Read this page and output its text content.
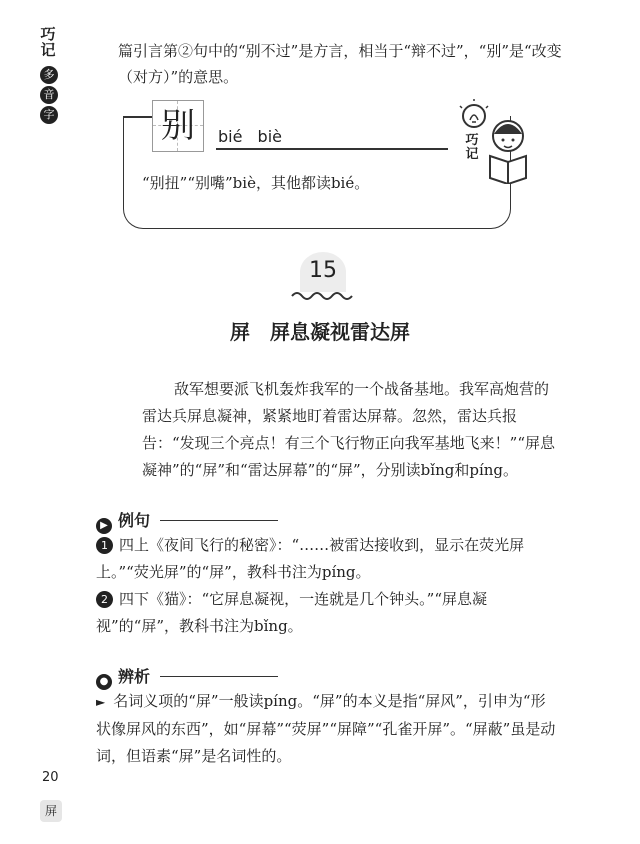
巧记
多
音
字
篇引言第②句中的“别不过”是方言，相当于“辩不过”，“别”是“改变（对方）”的意思。
别	bié biè
“别扭”“别嘴”biè，其他都读bié。
巧记
15
屏　屏息凝视雷达屏
敌军想要派飞机轰炸我军的一个战备基地。我军高炮营的雷达兵屏息凝神，紧紧地盯着雷达屏幕。忽然，雷达兵报告：“发现三个亮点！有三个飞行物正向我军基地飞来！”“屏息凝神”的“屏”和“雷达屏幕”的“屏”，分别读bǐng和píng。
▶ 例句
1 四上《夜间飞行的秘密》：“……被雷达接收到，显示在荧光屏上。”“荧光屏”的“屏”，教科书注为píng。
2 四下《猫》：“它屏息凝视，一连就是几个钟头。”“屏息凝视”的“屏”，教科书注为bǐng。
● 辨析
► 名词义项的“屏”一般读píng。“屏”的本义是指“屏风”，引申为“形状像屏风的东西”，如“屏幕”“荧屏”“屏障”“孔雀开屏”。“屏蔽”虽是动词，但语素“屏”是名词性的。
20
屏
